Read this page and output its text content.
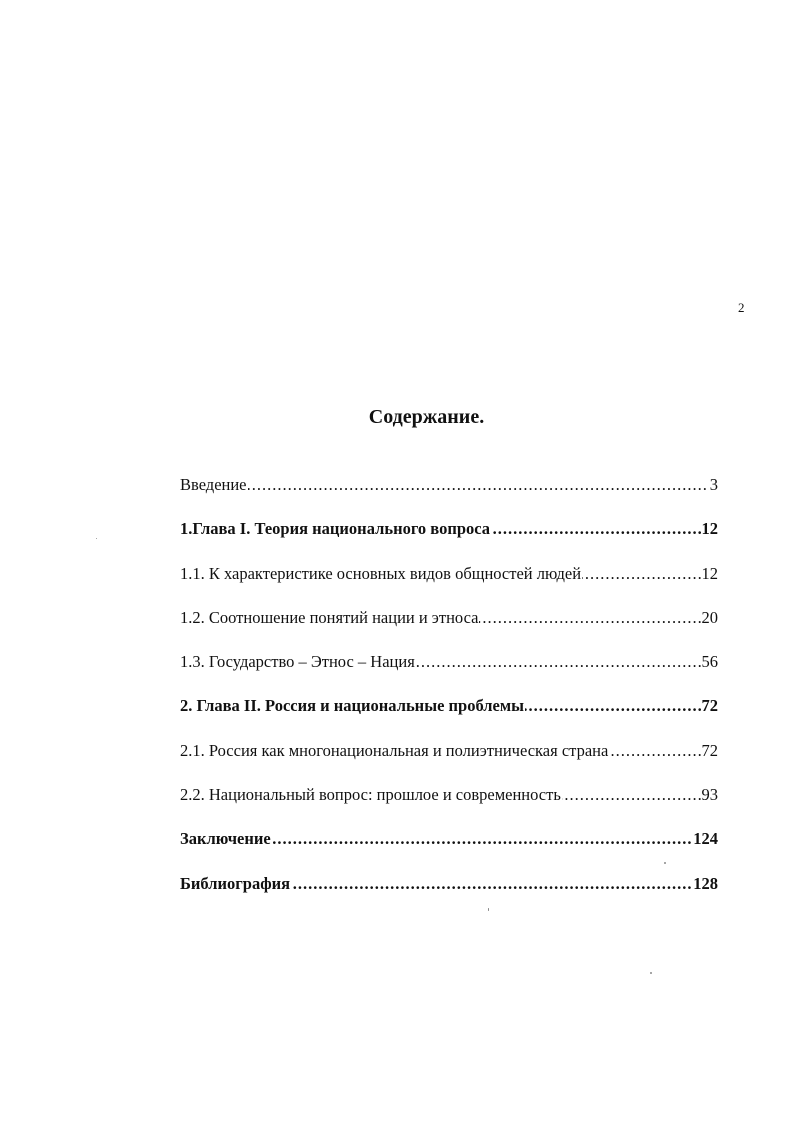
2
Содержание.
Введение .....	3
1.Глава I. Теория национального вопроса .....	12
1.1. К характеристике основных видов общностей людей .....	12
1.2. Соотношение понятий нации и этноса .....	20
1.3. Государство – Этнос – Нация .....	56
2. Глава II. Россия и национальные проблемы .....	72
2.1. Россия как многонациональная и полиэтническая страна .....	72
2.2. Национальный вопрос: прошлое и современность .....	93
Заключение .....	124
Библиография .....	128
